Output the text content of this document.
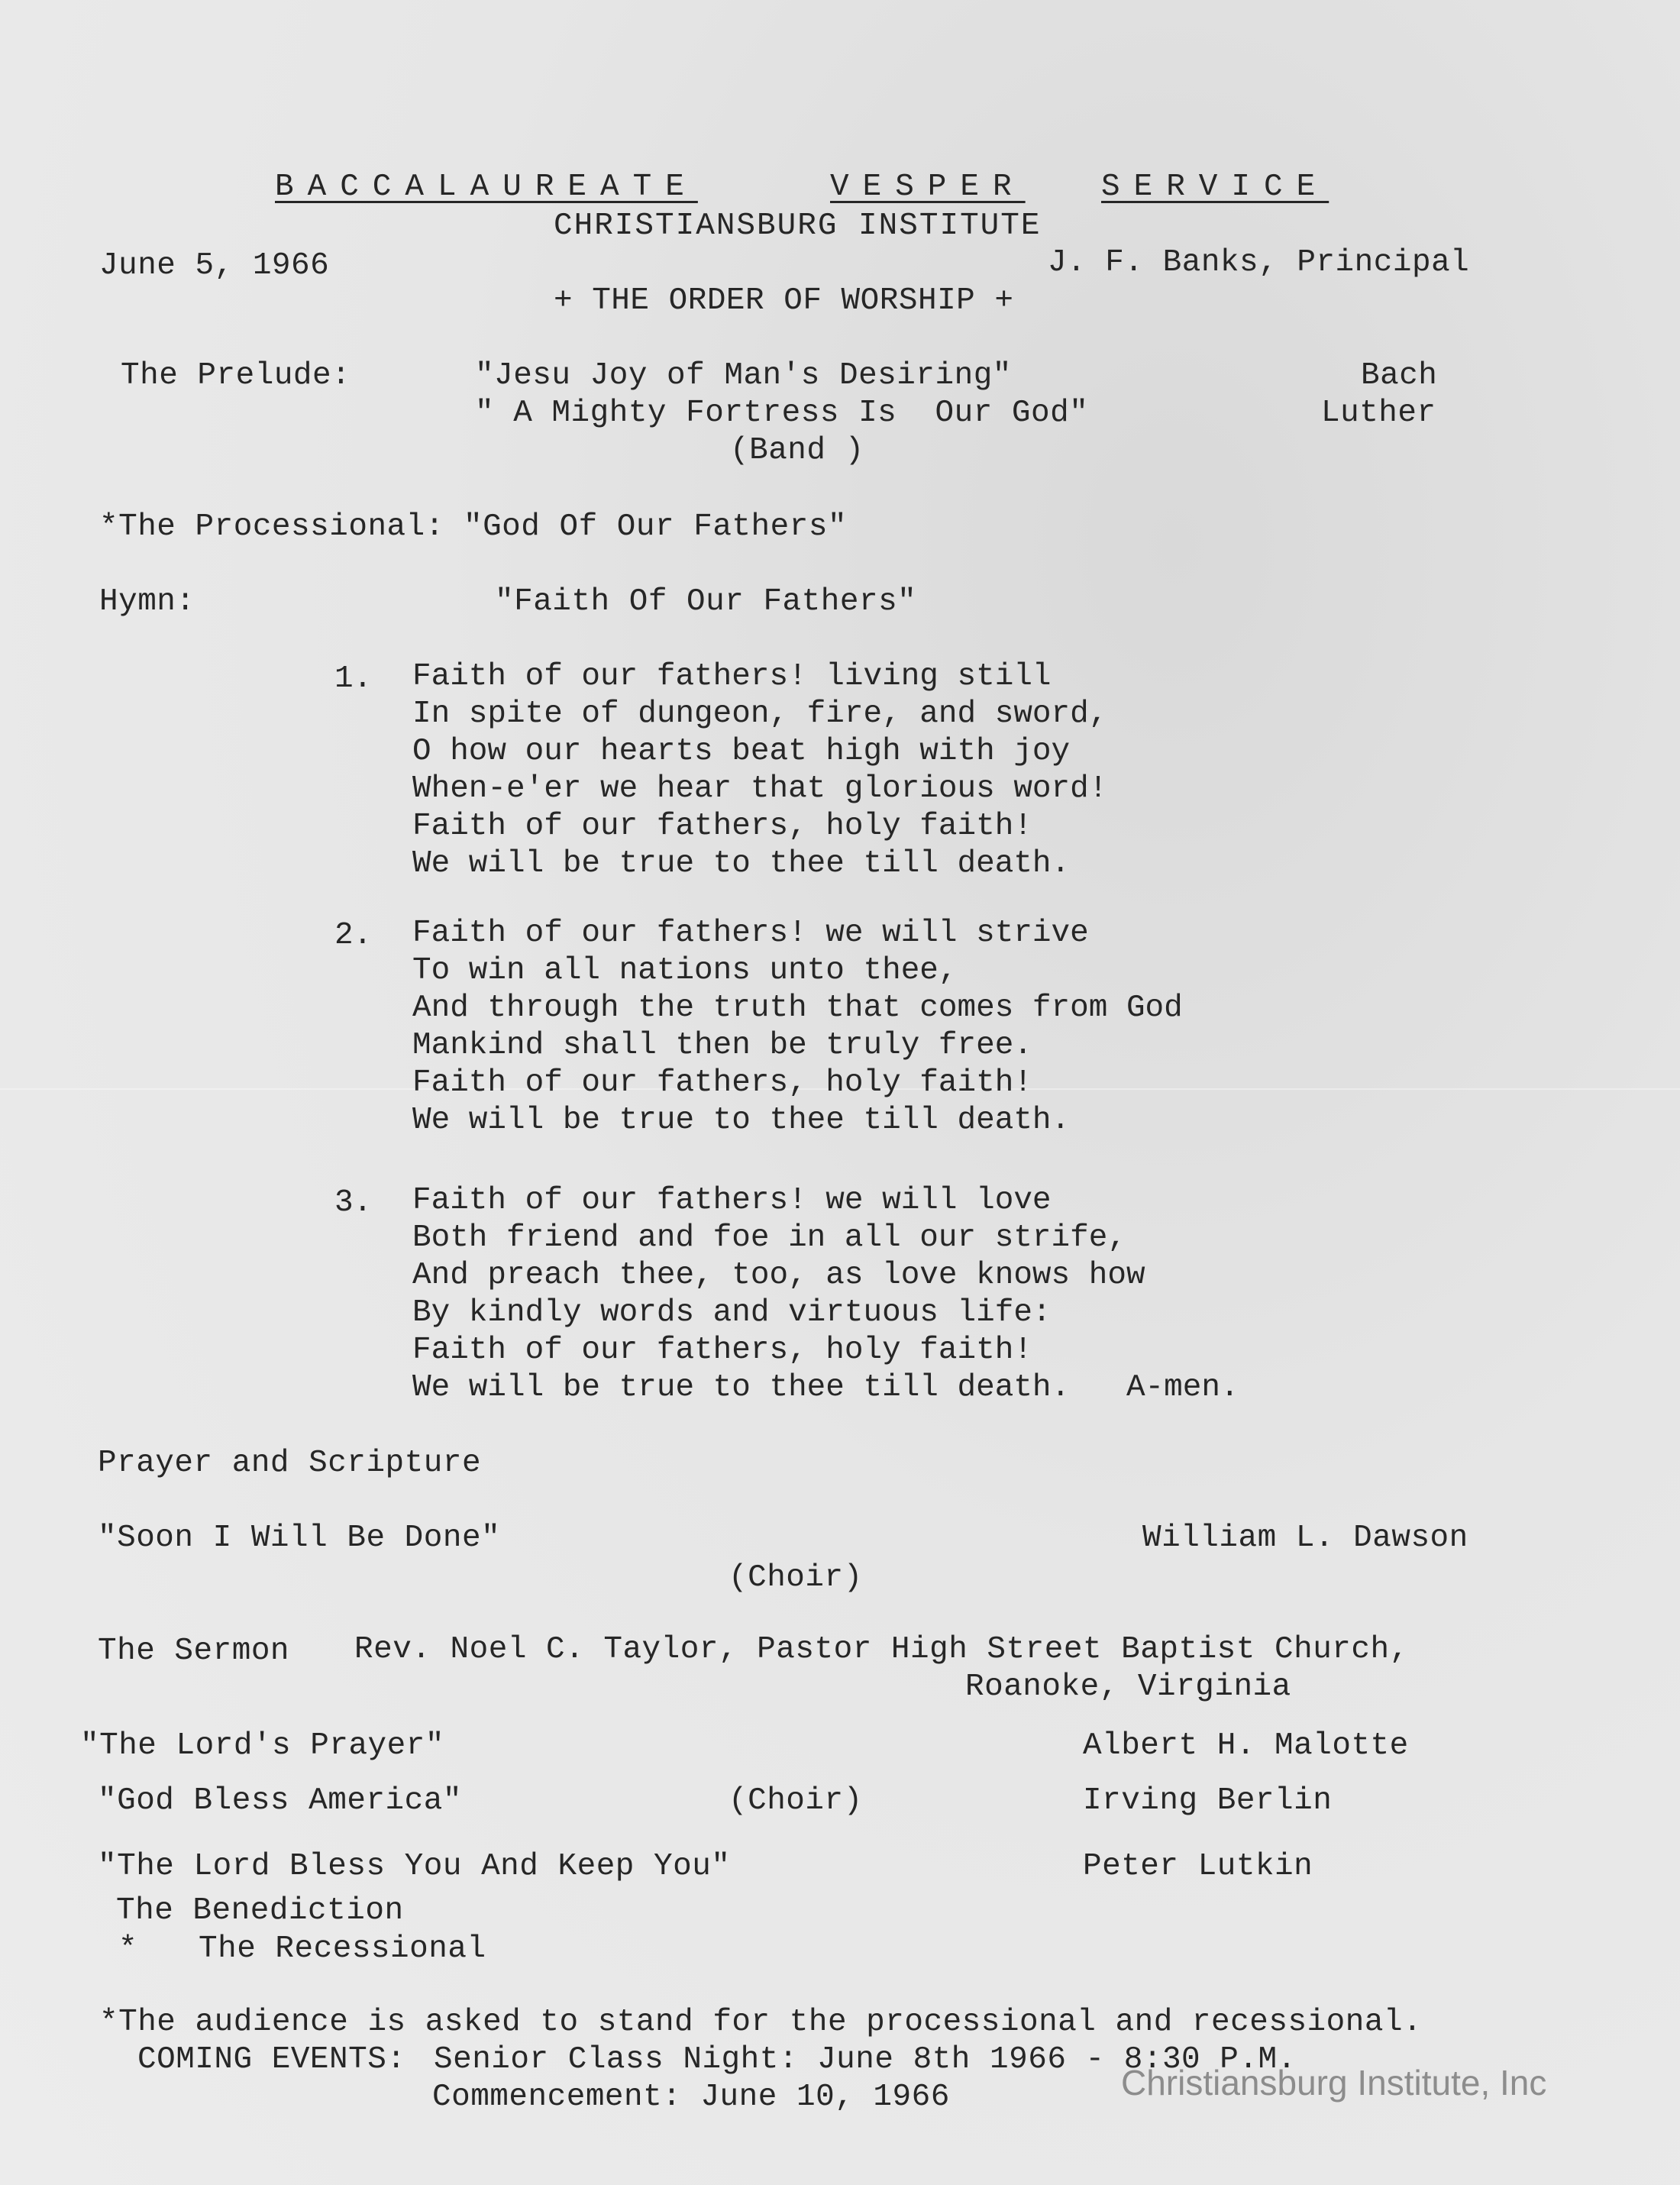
BACCALAUREATE	VESPER SERVICE
CHRISTIANSBURG INSTITUTE
June 5, 1966	J. F. Banks, Principal
+ THE ORDER OF WORSHIP +
The Prelude:	"Jesu Joy of Man's Desiring"	Bach
" A Mighty Fortress Is  Our God"	Luther
(Band )
*The Processional: "God Of Our Fathers"
Hymn:	"Faith Of Our Fathers"
1. Faith of our fathers! living still
In spite of dungeon, fire, and sword,
O how our hearts beat high with joy
When-e'er we hear that glorious word!
Faith of our fathers, holy faith!
We will be true to thee till death.
2. Faith of our fathers! we will strive
To win all nations unto thee,
And through the truth that comes from God
Mankind shall then be truly free.
Faith of our fathers, holy faith!
We will be true to thee till death.
3. Faith of our fathers! we will love
Both friend and foe in all our strife,
And preach thee, too, as love knows how
By kindly words and virtuous life:
Faith of our fathers, holy faith!
We will be true to thee till death.   A-men.
Prayer and Scripture
"Soon I Will Be Done"	William L. Dawson
(Choir)
The Sermon Rev. Noel C. Taylor, Pastor High Street Baptist Church,
Roanoke, Virginia
"The Lord's Prayer"	Albert H. Malotte
"God Bless America"	(Choir)	Irving Berlin
"The Lord Bless You And Keep You"	Peter Lutkin
The Benediction
* The Recessional
*The audience is asked to stand for the processional and recessional.
COMING EVENTS: Senior Class Night: June 8th 1966 - 8:30 P.M.
Commencement: June 10, 1966	Christiansburg Institute, Inc
